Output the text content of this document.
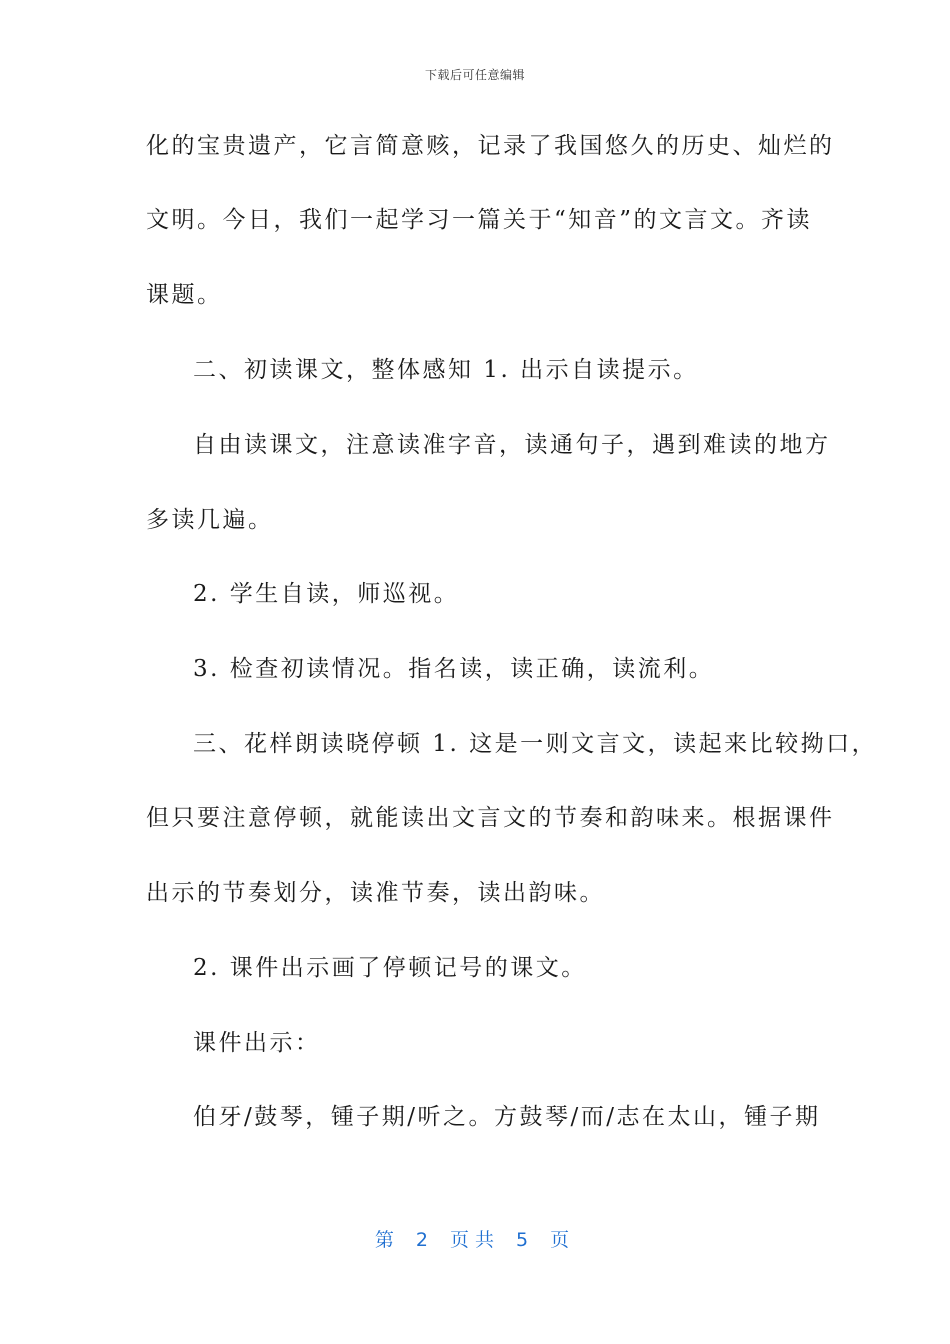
下载后可任意编辑
化的宝贵遗产，它言简意赅，记录了我国悠久的历史、灿烂的
文明。今日，我们一起学习一篇关于“知音”的文言文。齐读
课题。
二、初读课文，整体感知 1. 出示自读提示。
自由读课文，注意读准字音，读通句子，遇到难读的地方
多读几遍。
2. 学生自读，师巡视。
3. 检查初读情况。指名读，读正确，读流利。
三、花样朗读晓停顿 1. 这是一则文言文，读起来比较拗口，
但只要注意停顿，就能读出文言文的节奏和韵味来。根据课件
出示的节奏划分，读准节奏，读出韵味。
2. 课件出示画了停顿记号的课文。
课件出示：
伯牙/鼓琴，锺子期/听之。方鼓琴/而/志在太山，锺子期
第 2 页共 5 页
